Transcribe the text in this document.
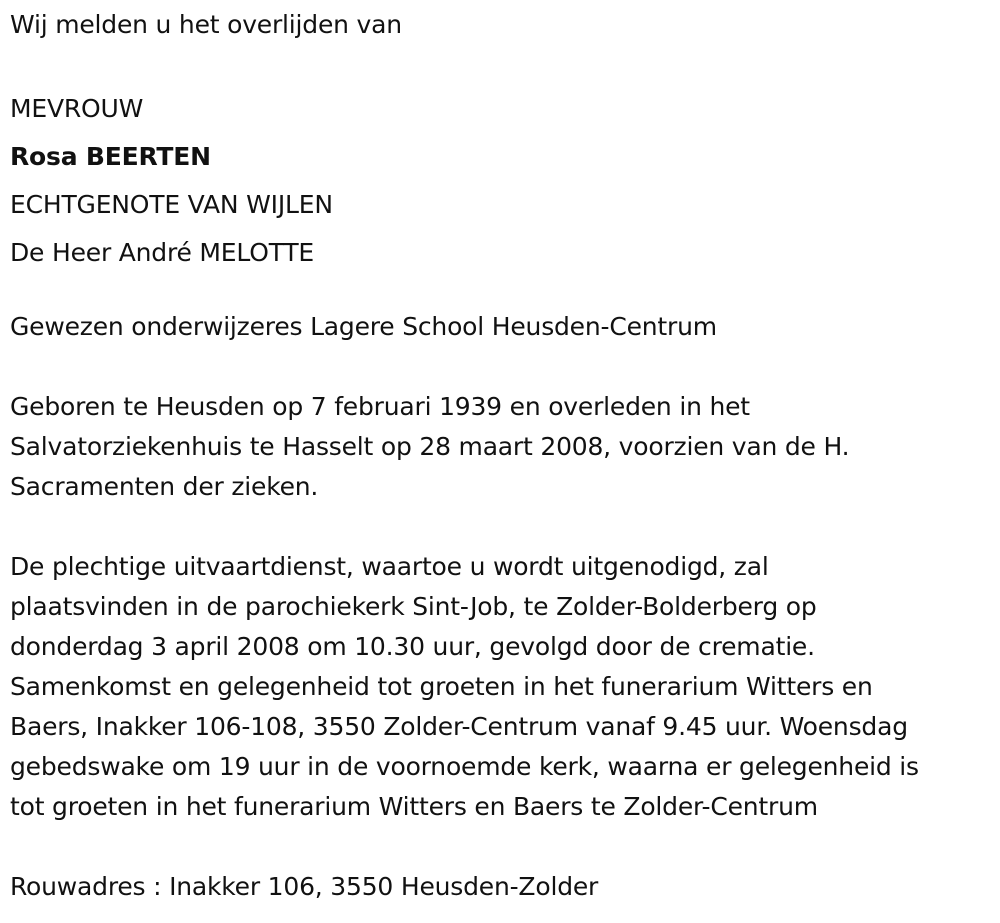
Wij melden u het overlijden van
MEVROUW
Rosa BEERTEN
ECHTGENOTE VAN WIJLEN
De Heer André MELOTTE
Gewezen onderwijzeres Lagere School Heusden-Centrum
Geboren te Heusden op 7 februari 1939 en overleden in het
Salvatorziekenhuis te Hasselt op 28 maart 2008, voorzien van de H.
Sacramenten der zieken.
De plechtige uitvaartdienst, waartoe u wordt uitgenodigd, zal
plaatsvinden in de parochiekerk Sint-Job, te Zolder-Bolderberg op
donderdag 3 april 2008 om 10.30 uur, gevolgd door de crematie.
Samenkomst en gelegenheid tot groeten in het funerarium Witters en
Baers, Inakker 106-108, 3550 Zolder-Centrum vanaf 9.45 uur. Woensdag
gebedswake om 19 uur in de voornoemde kerk, waarna er gelegenheid is
tot groeten in het funerarium Witters en Baers te Zolder-Centrum
Rouwadres : Inakker 106, 3550 Heusden-Zolder
